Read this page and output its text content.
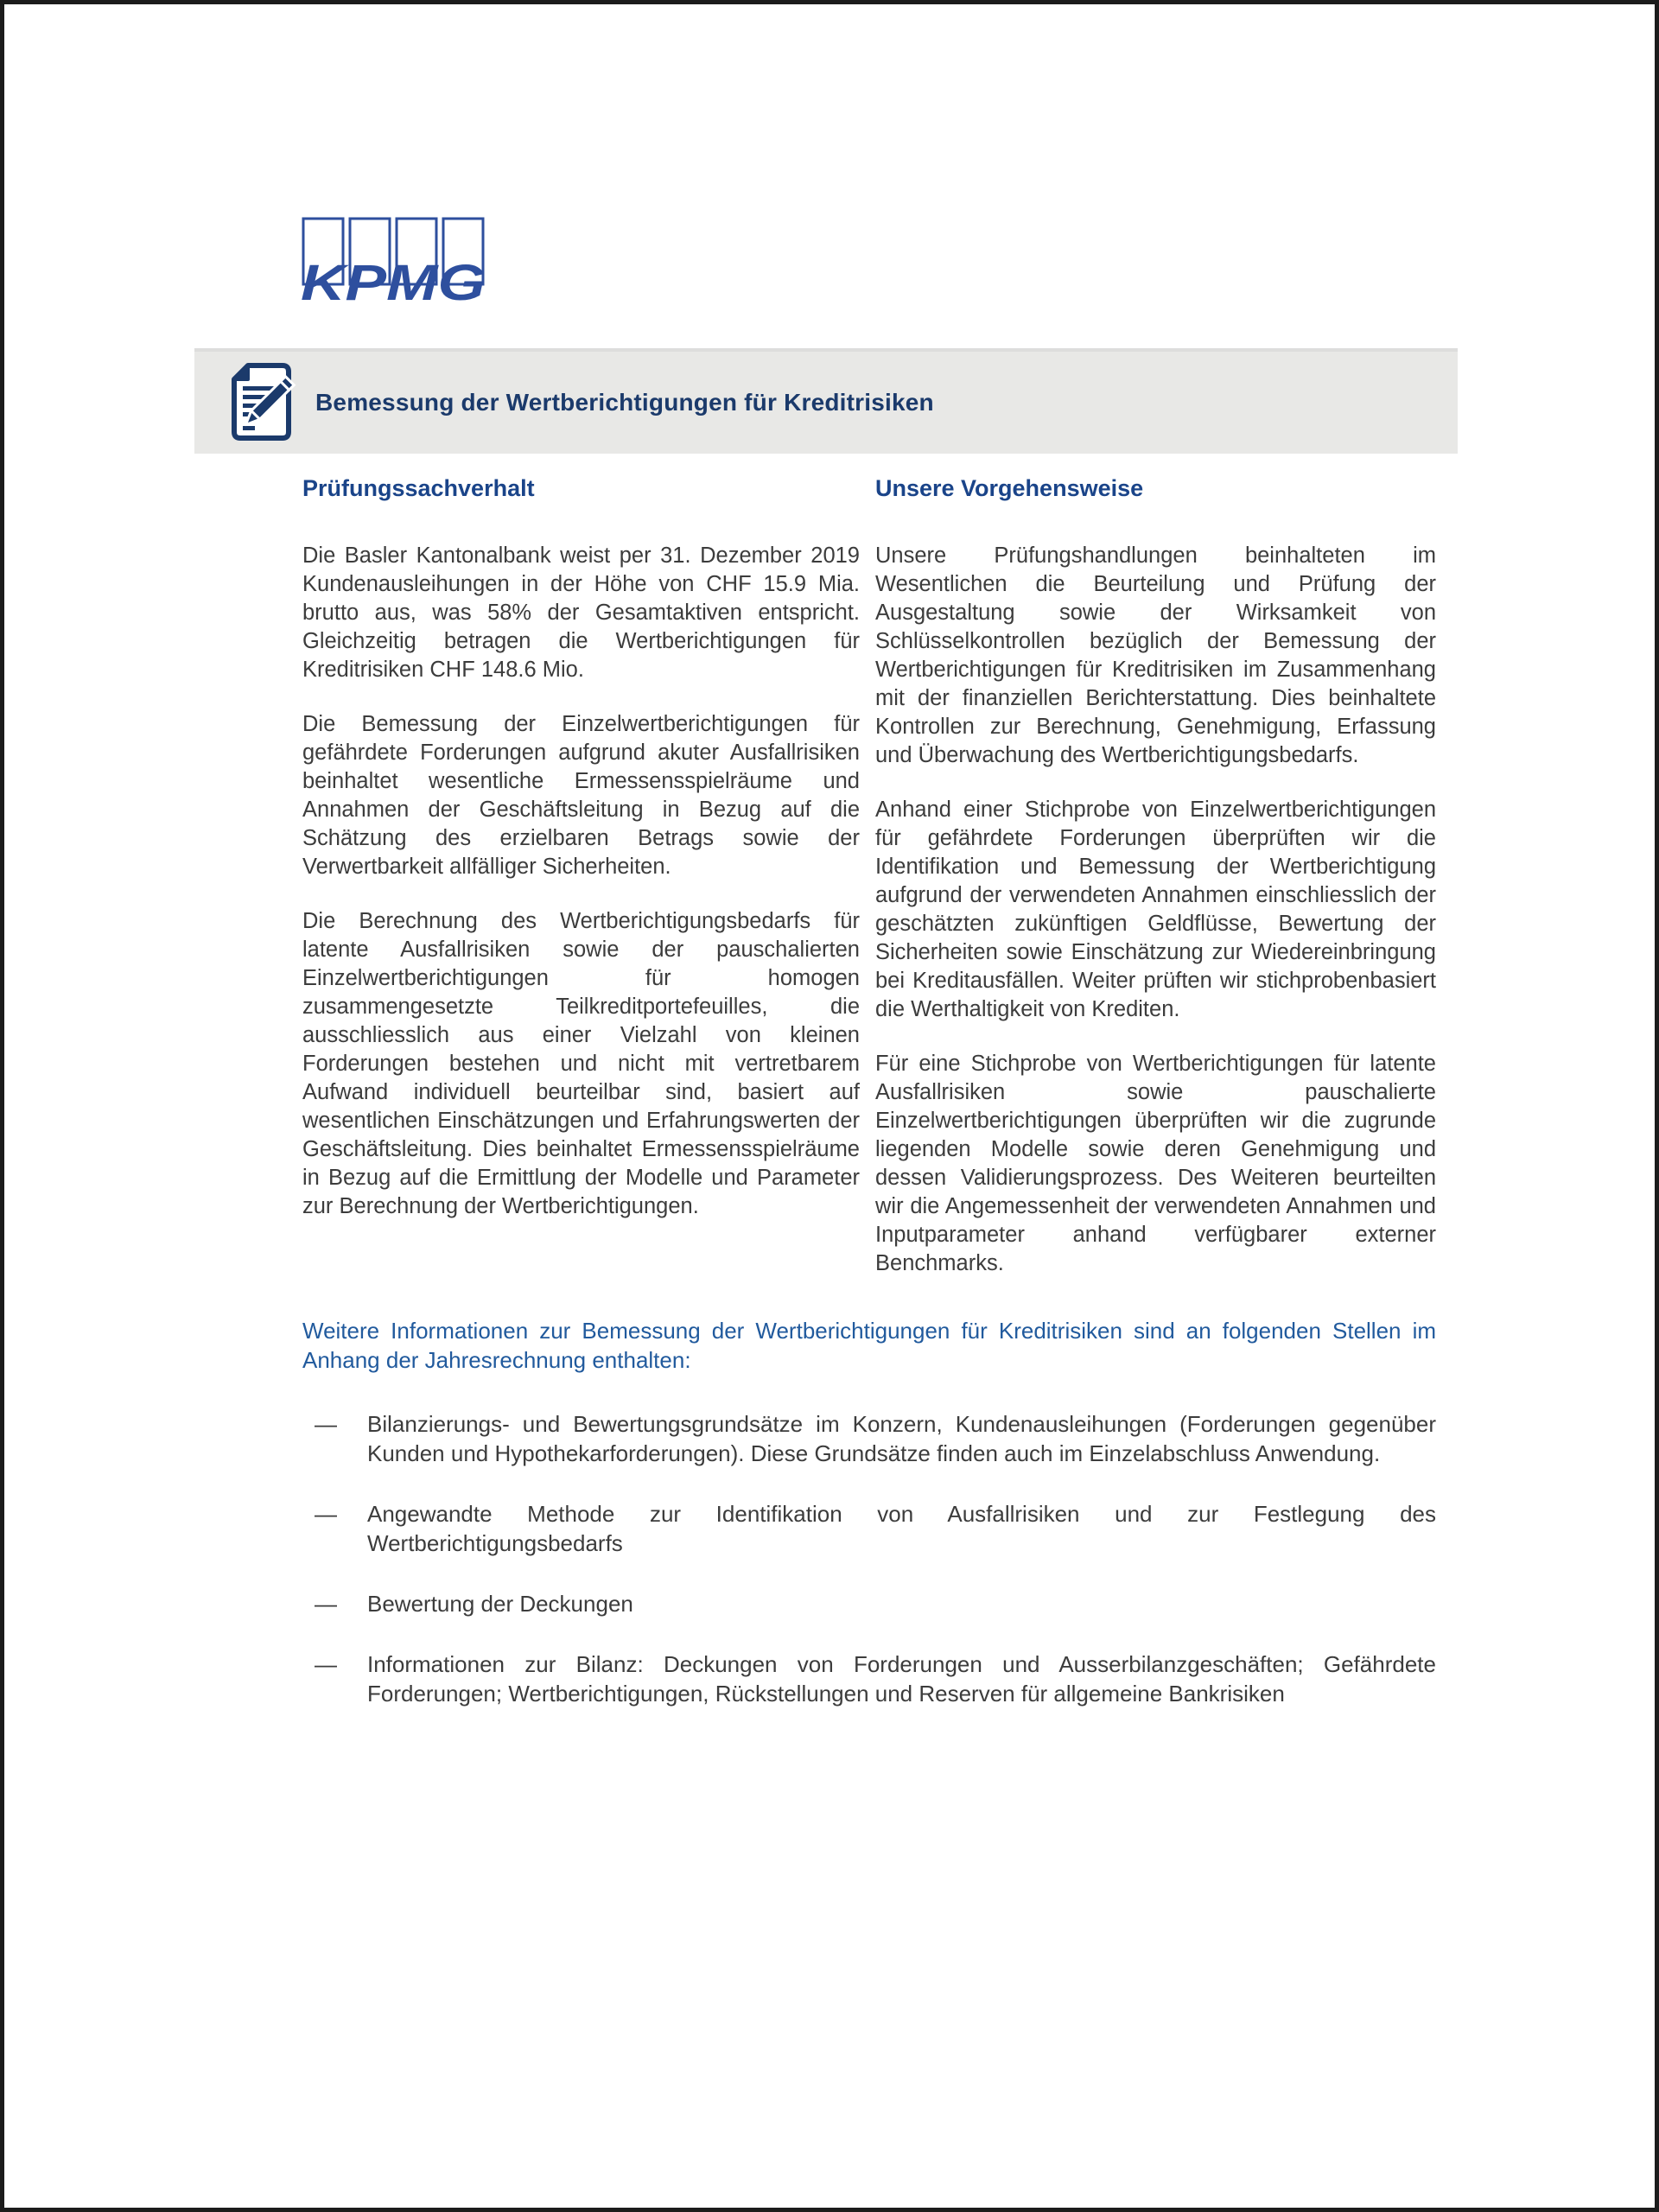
KPMG
Bemessung der Wertberichtigungen für Kreditrisiken
Prüfungssachverhalt

Die Basler Kantonalbank weist per 31. Dezember 2019 Kundenausleihungen in der Höhe von CHF 15.9 Mia. brutto aus, was 58% der Gesamtaktiven entspricht. Gleichzeitig betragen die Wertberichtigungen für Kreditrisiken CHF 148.6 Mio.

Die Bemessung der Einzelwertberichtigungen für gefährdete Forderungen aufgrund akuter Ausfallrisiken beinhaltet wesentliche Ermessensspielräume und Annahmen der Geschäftsleitung in Bezug auf die Schätzung des erzielbaren Betrags sowie der Verwertbarkeit allfälliger Sicherheiten.

Die Berechnung des Wertberichtigungsbedarfs für latente Ausfallrisiken sowie der pauschalierten Einzelwertberichtigungen für homogen zusammengesetzte Teilkreditportefeuilles, die ausschliesslich aus einer Vielzahl von kleinen Forderungen bestehen und nicht mit vertretbarem Aufwand individuell beurteilbar sind, basiert auf wesentlichen Einschätzungen und Erfahrungswerten der Geschäftsleitung. Dies beinhaltet Ermessensspielräume in Bezug auf die Ermittlung der Modelle und Parameter zur Berechnung der Wertberichtigungen.

Unsere Vorgehensweise

Unsere Prüfungshandlungen beinhalteten im Wesentlichen die Beurteilung und Prüfung der Ausgestaltung sowie der Wirksamkeit von Schlüsselkontrollen bezüglich der Bemessung der Wertberichtigungen für Kreditrisiken im Zusammenhang mit der finanziellen Berichterstattung. Dies beinhaltete Kontrollen zur Berechnung, Genehmigung, Erfassung und Überwachung des Wertberichtigungsbedarfs.

Anhand einer Stichprobe von Einzelwertberichtigungen für gefährdete Forderungen überprüften wir die Identifikation und Bemessung der Wertberichtigung aufgrund der verwendeten Annahmen einschliesslich der geschätzten zukünftigen Geldflüsse, Bewertung der Sicherheiten sowie Einschätzung zur Wiedereinbringung bei Kreditausfällen. Weiter prüften wir stichprobenbasiert die Werthaltigkeit von Krediten.

Für eine Stichprobe von Wertberichtigungen für latente Ausfallrisiken sowie pauschalierte Einzelwertberichtigungen überprüften wir die zugrunde liegenden Modelle sowie deren Genehmigung und dessen Validierungsprozess. Des Weiteren beurteilten wir die Angemessenheit der verwendeten Annahmen und Inputparameter anhand verfügbarer externer Benchmarks.

Weitere Informationen zur Bemessung der Wertberichtigungen für Kreditrisiken sind an folgenden Stellen im Anhang der Jahresrechnung enthalten:

— Bilanzierungs- und Bewertungsgrundsätze im Konzern, Kundenausleihungen (Forderungen gegenüber Kunden und Hypothekarforderungen). Diese Grundsätze finden auch im Einzelabschluss Anwendung.
— Angewandte Methode zur Identifikation von Ausfallrisiken und zur Festlegung des Wertberichtigungsbedarfs
— Bewertung der Deckungen
— Informationen zur Bilanz: Deckungen von Forderungen und Ausserbilanzgeschäften; Gefährdete Forderungen; Wertberichtigungen, Rückstellungen und Reserven für allgemeine Bankrisiken
